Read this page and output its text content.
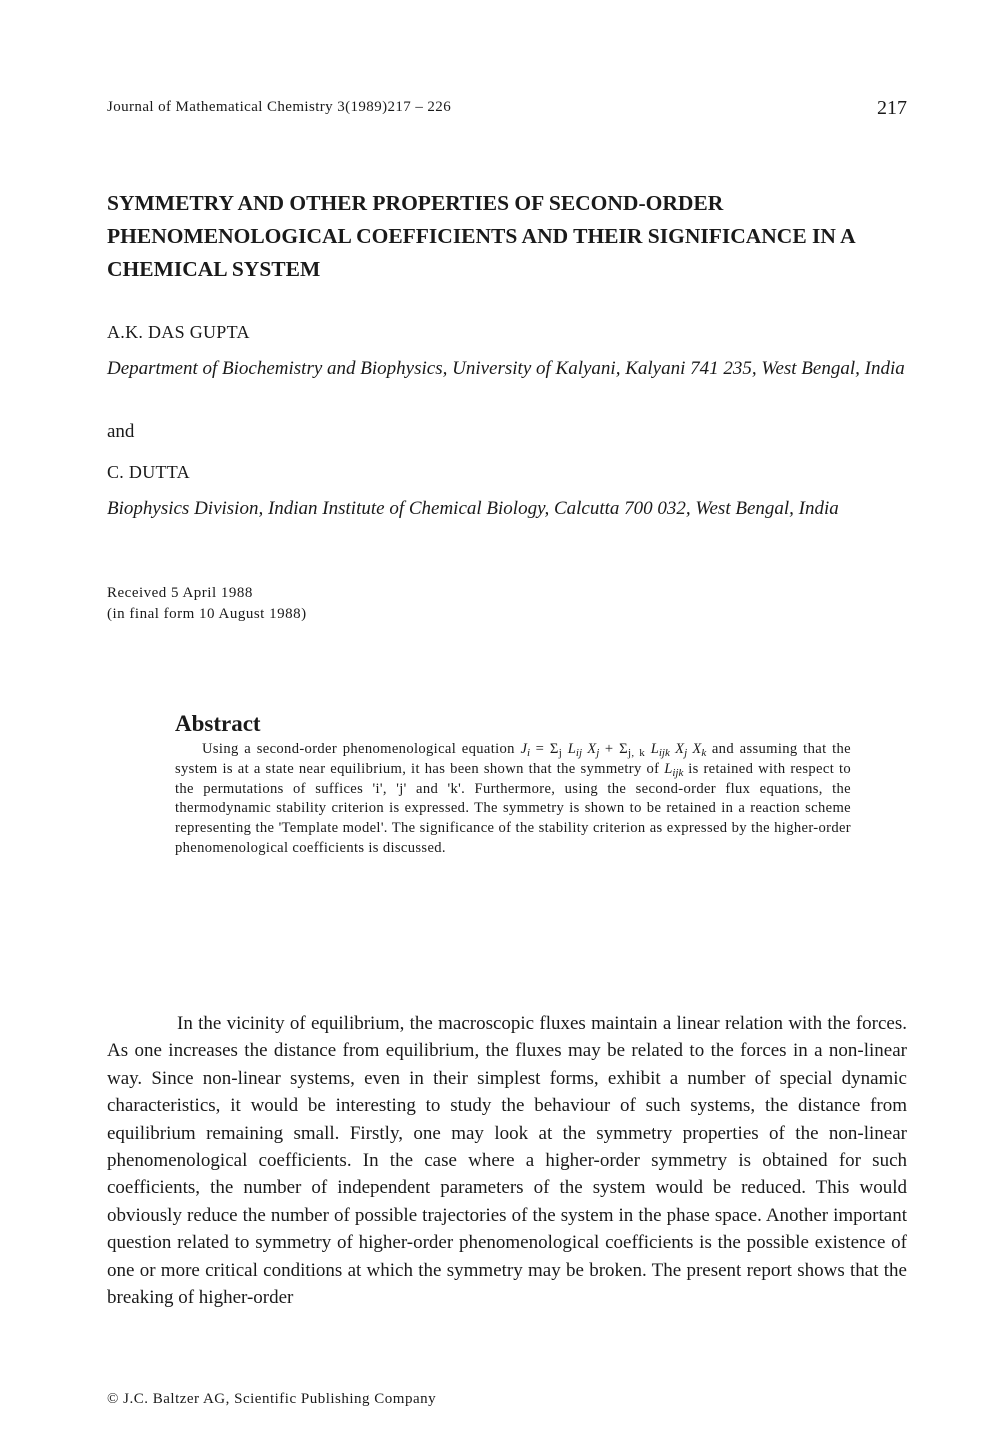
Journal of Mathematical Chemistry 3(1989)217 – 226	217
SYMMETRY AND OTHER PROPERTIES OF SECOND-ORDER PHENOMENOLOGICAL COEFFICIENTS AND THEIR SIGNIFICANCE IN A CHEMICAL SYSTEM
A.K. DAS GUPTA
Department of Biochemistry and Biophysics, University of Kalyani, Kalyani 741 235, West Bengal, India
and
C. DUTTA
Biophysics Division, Indian Institute of Chemical Biology, Calcutta 700 032, West Bengal, India
Received 5 April 1988
(in final form 10 August 1988)
Abstract
Using a second-order phenomenological equation $J_i = \Sigma_j$ $L_{ij}$ $X_j + \Sigma_{j, k}$ $L_{ijk}$ $X_j$ $X_k$ and assuming that the system is at a state near equilibrium, it has been shown that the symmetry of $L_{ijk}$ is retained with respect to the permutations of suffices 'i', 'j' and 'k'. Furthermore, using the second-order flux equations, the thermodynamic stability criterion is expressed. The symmetry is shown to be retained in a reaction scheme representing the 'Template model'. The significance of the stability criterion as expressed by the higher-order phenomenological coefficients is discussed.

In the vicinity of equilibrium, the macroscopic fluxes maintain a linear relation with the forces. As one increases the distance from equilibrium, the fluxes may be related to the forces in a non-linear way. Since non-linear systems, even in their simplest forms, exhibit a number of special dynamic characteristics, it would be interesting to study the behaviour of such systems, the distance from equilibrium remaining small. Firstly, one may look at the symmetry properties of the non-linear phenomenological coefficients. In the case where a higher-order symmetry is obtained for such coefficients, the number of independent parameters of the system would be reduced. This would obviously reduce the number of possible trajectories of the system in the phase space. Another important question related to symmetry of higher-order phenomenological coefficients is the possible existence of one or more critical conditions at which the symmetry may be broken. The present report shows that the breaking of higher-order

© J.C. Baltzer AG, Scientific Publishing Company
